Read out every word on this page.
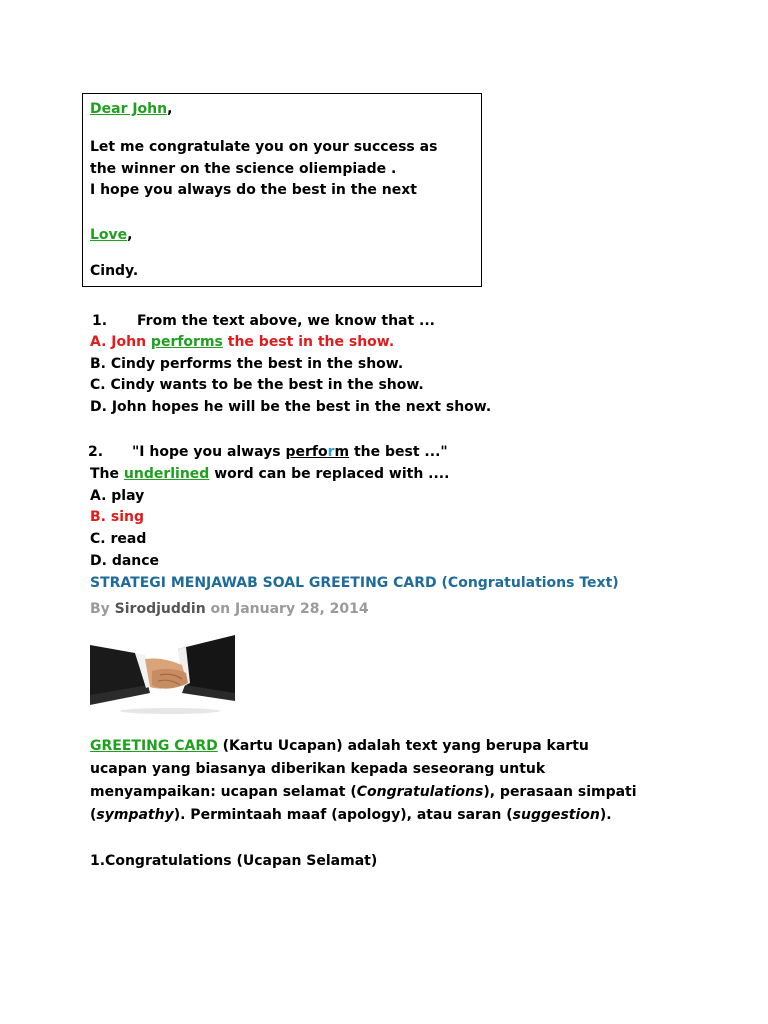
Dear John,
Let me congratulate you on your success as
the winner on the science oliempiade .
I hope you always do the best in the next
Love,
Cindy.
1. From the text above, we know that ...
A. John performs the best in the show.
B. Cindy performs the best in the show.
C. Cindy wants to be the best in the show.
D. John hopes he will be the best in the next show.
2. "I hope you always perform the best ..."
The underlined word can be replaced with ....
A. play
B. sing
C. read
D. dance
STRATEGI MENJAWAB SOAL GREETING CARD (Congratulations Text)
By Sirodjuddin on January 28, 2014
GREETING CARD (Kartu Ucapan) adalah text yang berupa kartu
ucapan yang biasanya diberikan kepada seseorang untuk
menyampaikan: ucapan selamat (Congratulations), perasaan simpati
(sympathy). Permintaah maaf (apology), atau saran (suggestion).
1.Congratulations (Ucapan Selamat)
